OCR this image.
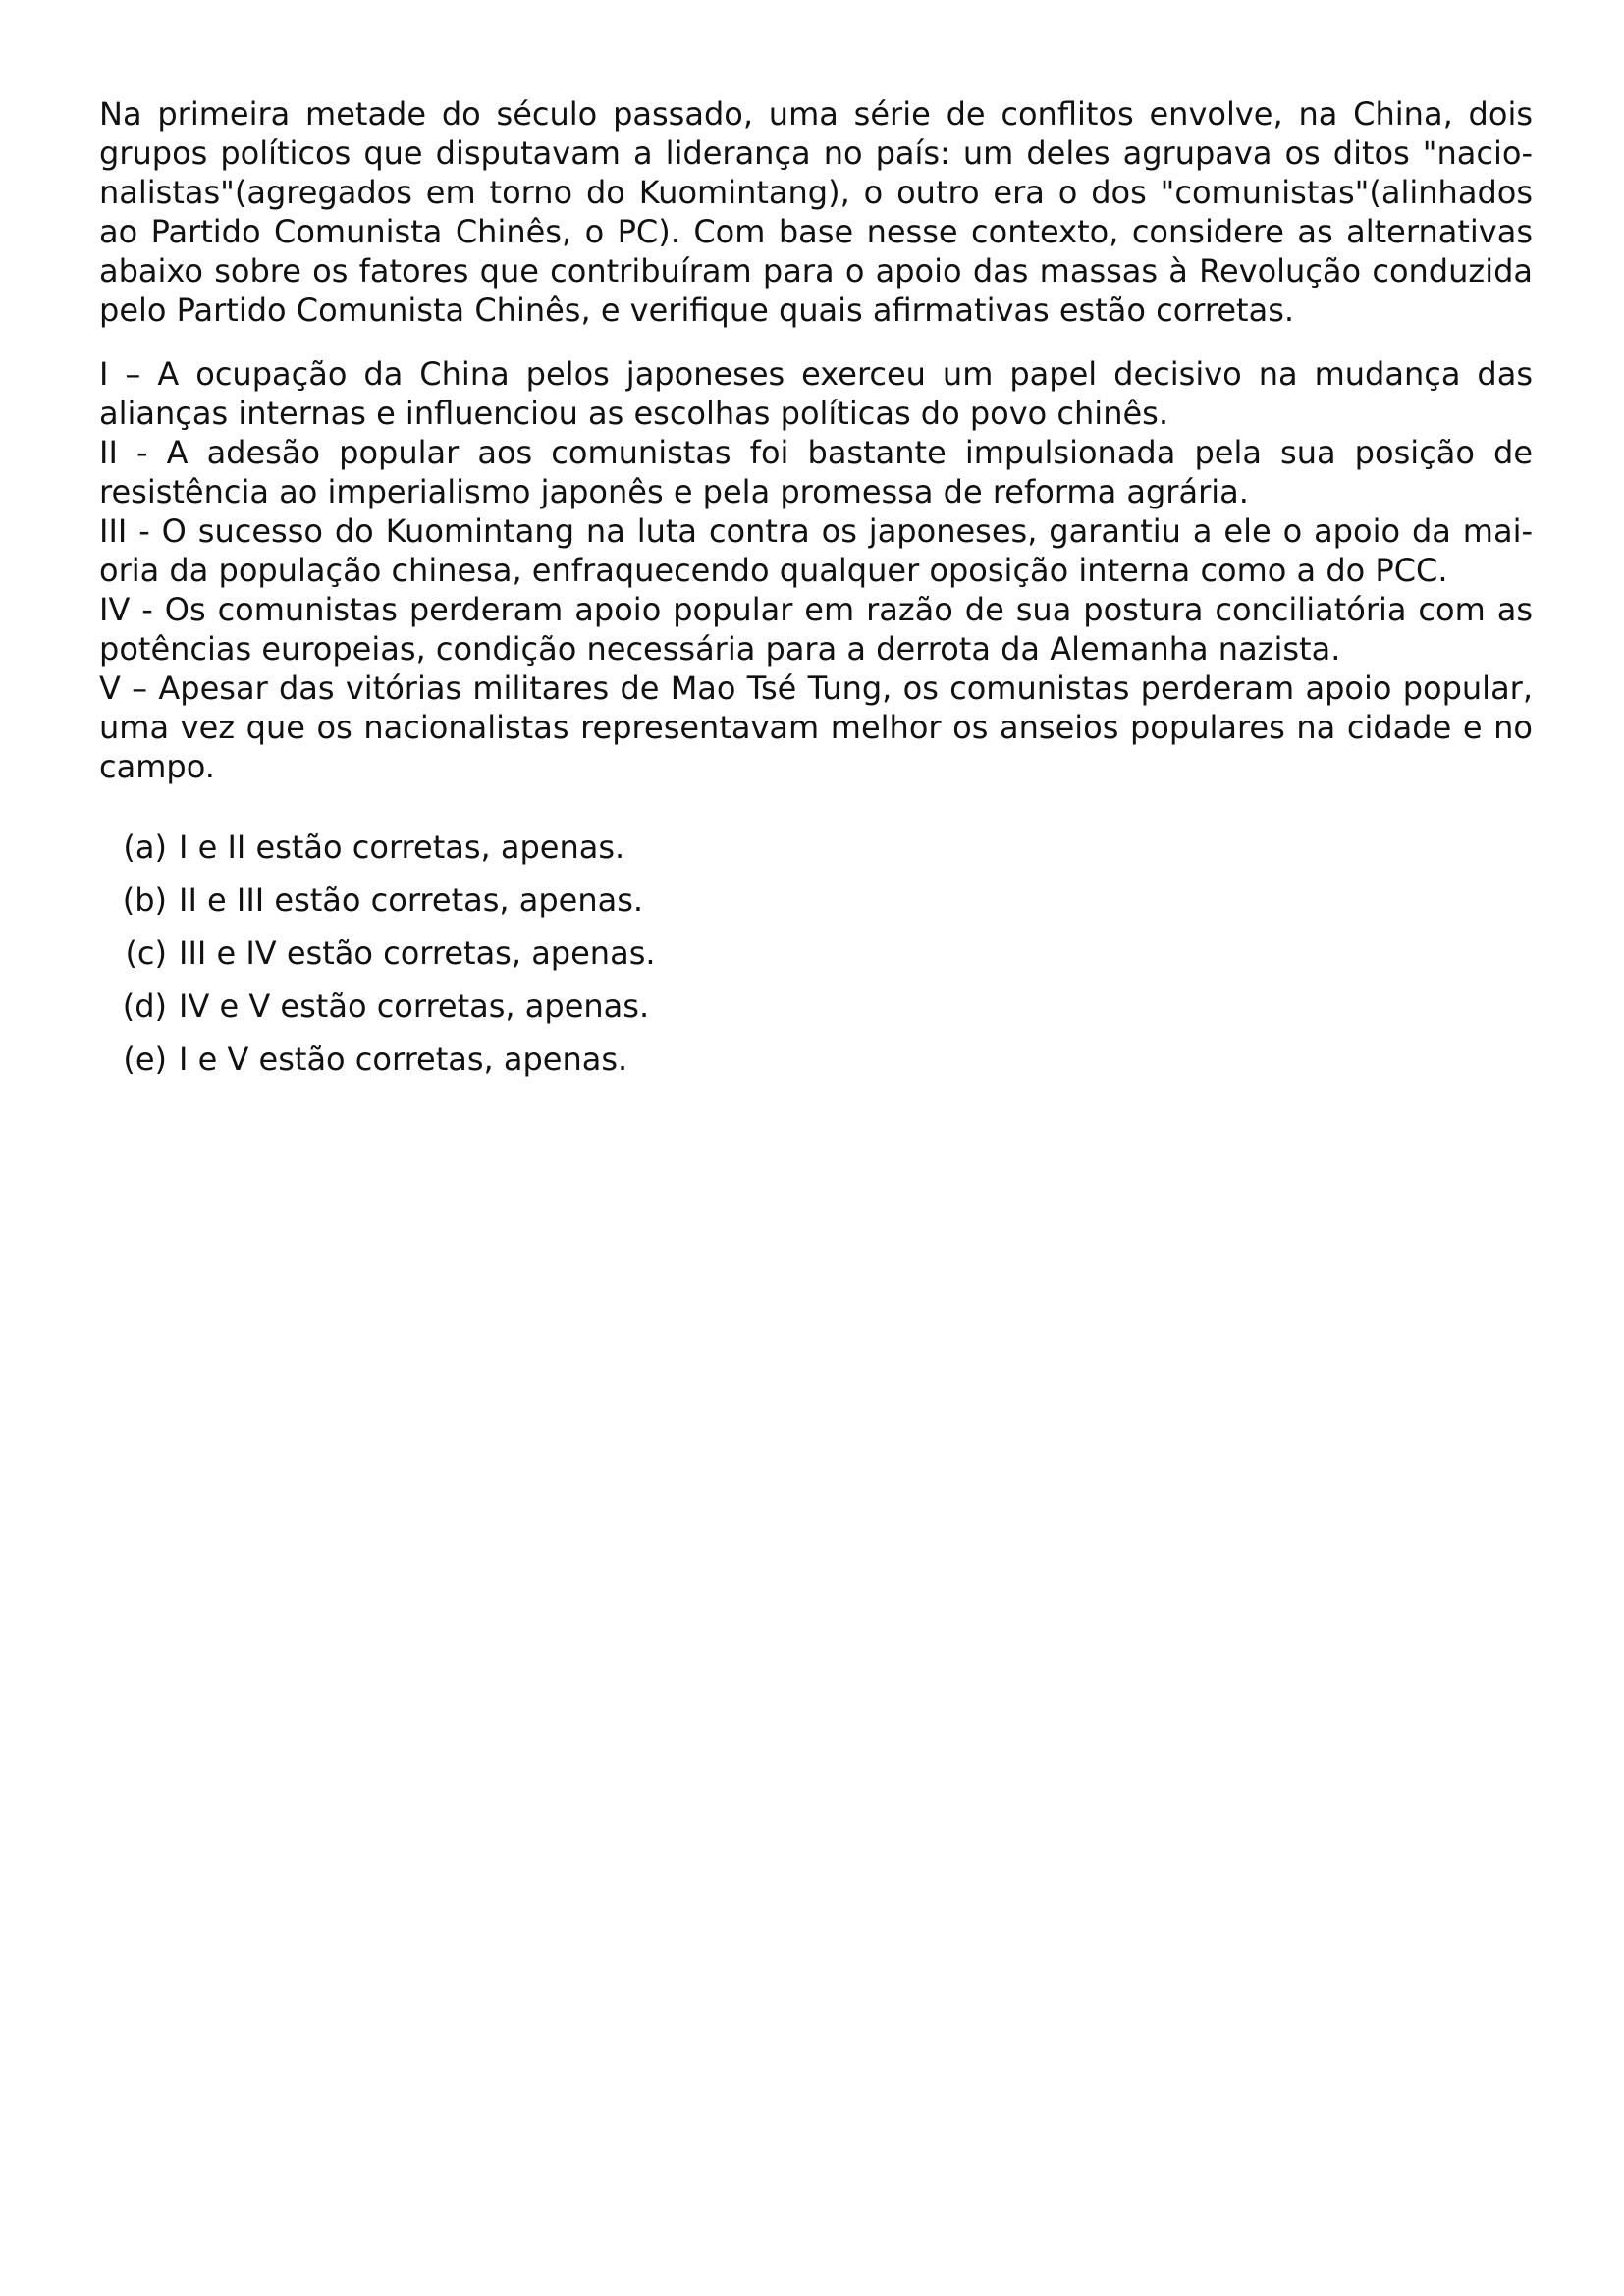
Na primeira metade do século passado, uma série de conflitos envolve, na China, dois grupos políticos que disputavam a liderança no país: um deles agrupava os ditos "nacionalistas"(agregados em torno do Kuomintang), o outro era o dos "comunistas"(alinhados ao Partido Comunista Chinês, o PC). Com base nesse contexto, considere as alternativas abaixo sobre os fatores que contribuíram para o apoio das massas à Revolução conduzida pelo Partido Comunista Chinês, e verifique quais afirmativas estão corretas.

I – A ocupação da China pelos japoneses exerceu um papel decisivo na mudança das alianças internas e influenciou as escolhas políticas do povo chinês.
II - A adesão popular aos comunistas foi bastante impulsionada pela sua posição de resistência ao imperialismo japonês e pela promessa de reforma agrária.
III - O sucesso do Kuomintang na luta contra os japoneses, garantiu a ele o apoio da maioria da população chinesa, enfraquecendo qualquer oposição interna como a do PCC.
IV - Os comunistas perderam apoio popular em razão de sua postura conciliatória com as potências europeias, condição necessária para a derrota da Alemanha nazista.
V – Apesar das vitórias militares de Mao Tsé Tung, os comunistas perderam apoio popular, uma vez que os nacionalistas representavam melhor os anseios populares na cidade e no campo.
(a) I e II estão corretas, apenas.
(b) II e III estão corretas, apenas.
(c) III e IV estão corretas, apenas.
(d) IV e V estão corretas, apenas.
(e) I e V estão corretas, apenas.
